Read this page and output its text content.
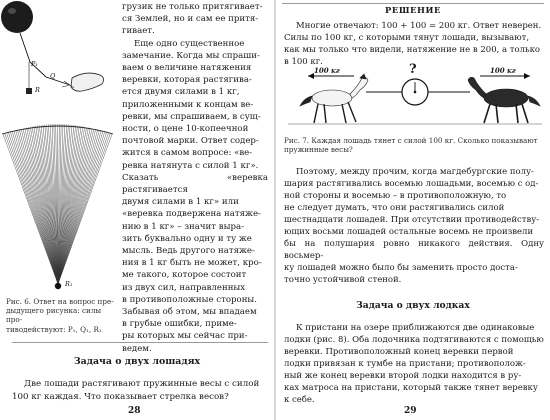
P₁
Q
R
R₁
Рис. 6. Ответ на вопрос пре-
дыдущего рисунка: силы про-
тиводействуют: P₁, Q₁, R₁
грузик не только притягивает-
ся Землей, но и сам ее притя-
гивает.
Еще одно существенное
замечание. Когда мы спраши-
ваем о величине натяжения
веревки, которая растягива-
ется двумя силами в 1 кг,
приложенными к концам ве-
ревки, мы спрашиваем, в сущ-
ности, о цене 10-копеечной
почтовой марки. Ответ содер-
жится в самом вопросе: «ве-
ревка натянута с силой 1 кг».
Сказать «веревка растягивается
двумя силами в 1 кг» или
«веревка подвержена натяже-
нию в 1 кг» – значит выра-
зить буквально одну и ту же
мысль. Ведь другого натяже-
ния в 1 кг быть не может, кро-
ме такого, которое состоит
из двух сил, направленных
в противоположные стороны.
Забывая об этом, мы впадаем
в грубые ошибки, приме-
ры которых мы сейчас при-
ведем.
Задача о двух лошадях
Две лошади растягивают пружинные весы с силой
100 кг каждая. Что показывает стрелка весов?
28
РЕШЕНИЕ
Многие отвечают: 100 + 100 = 200 кг. Ответ неверен.
Силы по 100 кг, с которыми тянут лошади, вызывают,
как мы только что видели, натяжение не в 200, а только
в 100 кг.
100 кг	?	100 кг
Рис. 7. Каждая лошадь тянет с силой 100 кг. Сколько показывают
пружинные весы?
Поэтому, между прочим, когда магдебургские полу-
шария растягивались восемью лошадьми, восемью с од-
ной стороны и восемью – в противоположную, то
не следует думать, что они растягивались силой
шестнадцати лошадей. При отсутствии противодейству-
ющих восьми лошадей остальные восемь не произвели
бы на полушария ровно никакого действия. Одну восьмер-
ку лошадей можно было бы заменить просто доста-
точно устойчивой стеной.
Задача о двух лодках
К пристани на озере приближаются две одинаковые
лодки (рис. 8). Оба лодочника подтягиваются с помощью
веревки. Противоположный конец веревки первой
лодки привязан к тумбе на пристани; противополож-
ный же конец веревки второй лодки находится в ру-
ках матроса на пристани, который также тянет веревку
к себе.
29
